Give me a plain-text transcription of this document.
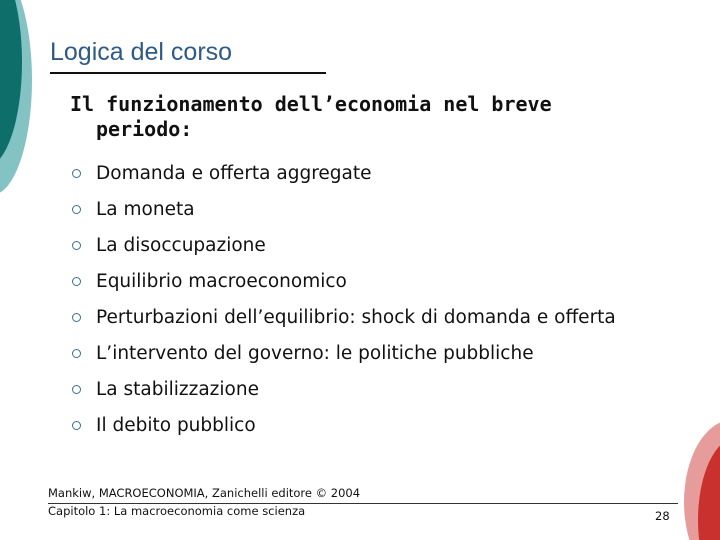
Logica del corso
Il funzionamento dell’economia nel breve
periodo:
Domanda e offerta aggregate
La moneta
La disoccupazione
Equilibrio macroeconomico
Perturbazioni dell’equilibrio: shock di domanda e offerta
L’intervento del governo: le politiche pubbliche
La stabilizzazione
Il debito pubblico
Mankiw, MACROECONOMIA, Zanichelli editore © 2004
Capitolo 1: La macroeconomia come scienza	28
